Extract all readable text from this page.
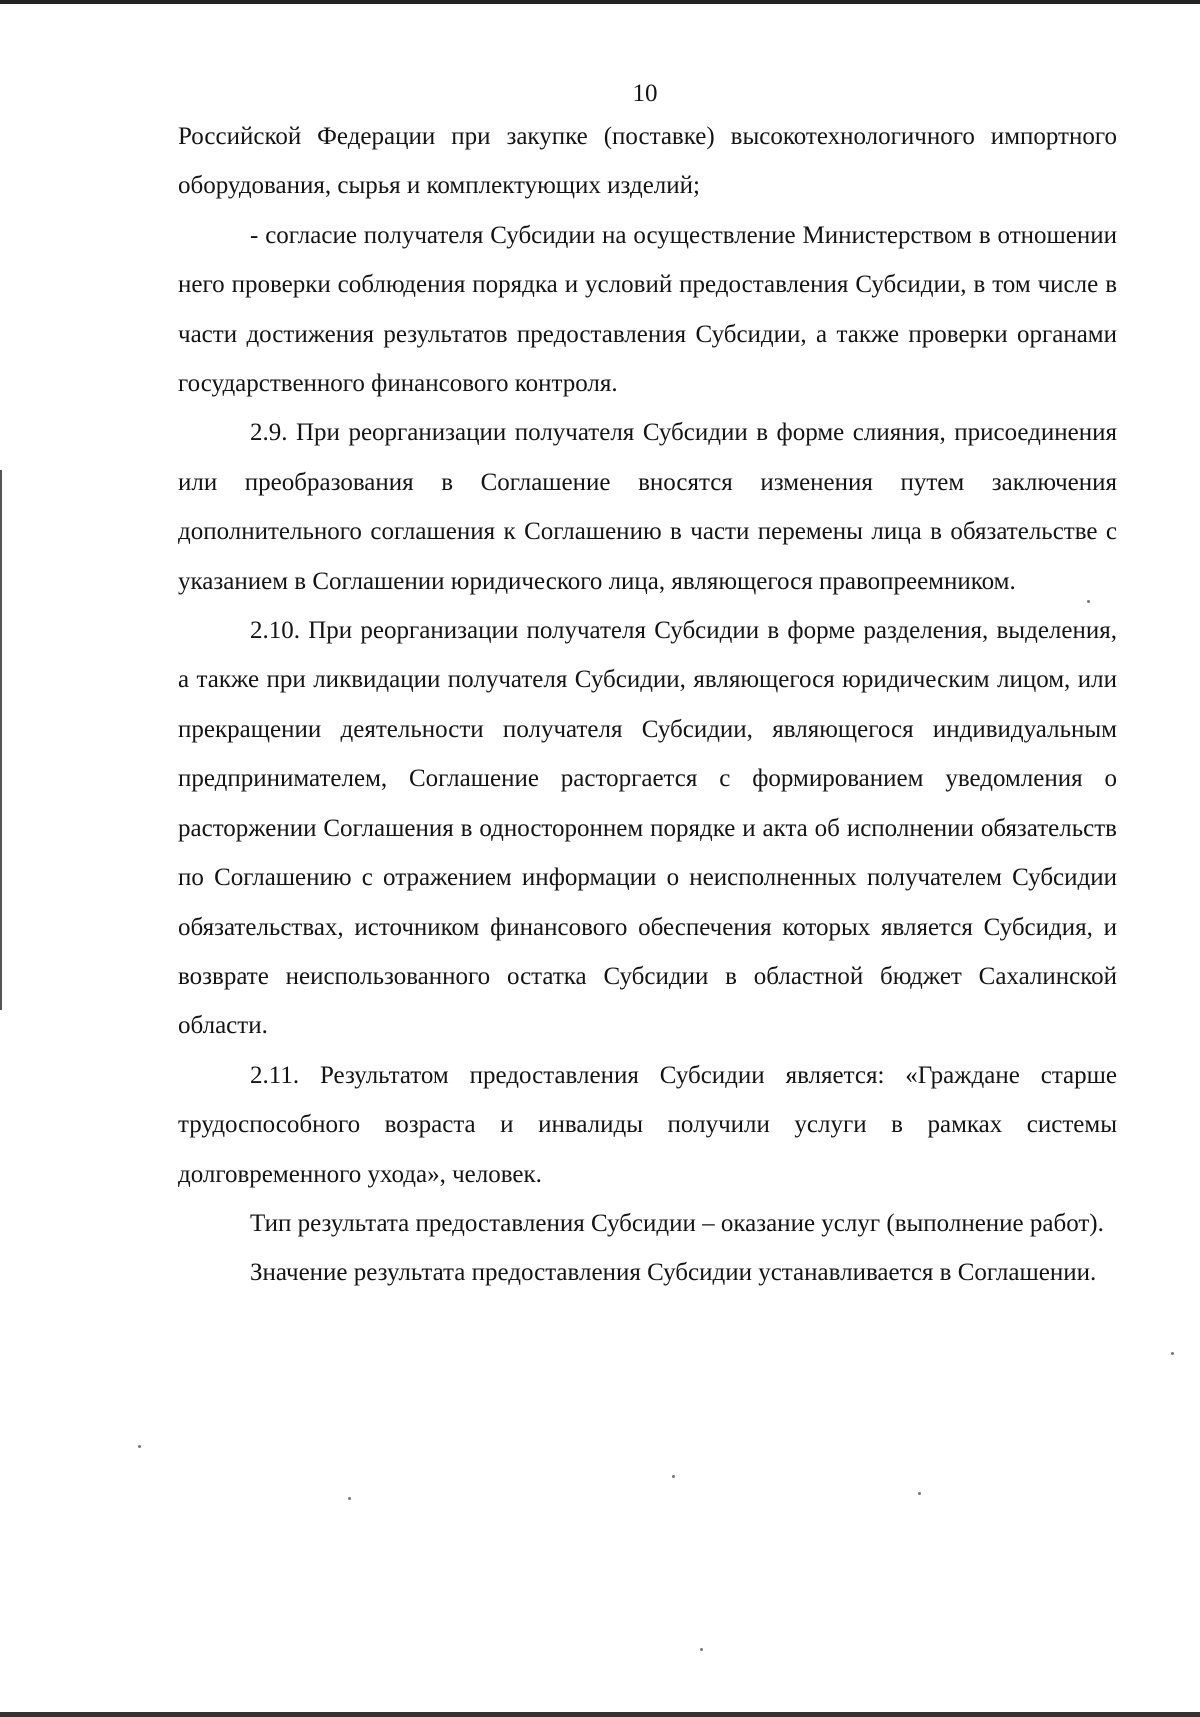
10

Российской Федерации при закупке (поставке) высокотехнологичного импортного оборудования, сырья и комплектующих изделий;

- согласие получателя Субсидии на осуществление Министерством в отношении него проверки соблюдения порядка и условий предоставления Субсидии, в том числе в части достижения результатов предоставления Субсидии, а также проверки органами государственного финансового контроля.

2.9. При реорганизации получателя Субсидии в форме слияния, присоединения или преобразования в Соглашение вносятся изменения путем заключения дополнительного соглашения к Соглашению в части перемены лица в обязательстве с указанием в Соглашении юридического лица, являющегося правопреемником.

2.10. При реорганизации получателя Субсидии в форме разделения, выделения, а также при ликвидации получателя Субсидии, являющегося юридическим лицом, или прекращении деятельности получателя Субсидии, являющегося индивидуальным предпринимателем, Соглашение расторгается с формированием уведомления о расторжении Соглашения в одностороннем порядке и акта об исполнении обязательств по Соглашению с отражением информации о неисполненных получателем Субсидии обязательствах, источником финансового обеспечения которых является Субсидия, и возврате неиспользованного остатка Субсидии в областной бюджет Сахалинской области.

2.11. Результатом предоставления Субсидии является: «Граждане старше трудоспособного возраста и инвалиды получили услуги в рамках системы долговременного ухода», человек.

Тип результата предоставления Субсидии – оказание услуг (выполнение работ).

Значение результата предоставления Субсидии устанавливается в Соглашении.
